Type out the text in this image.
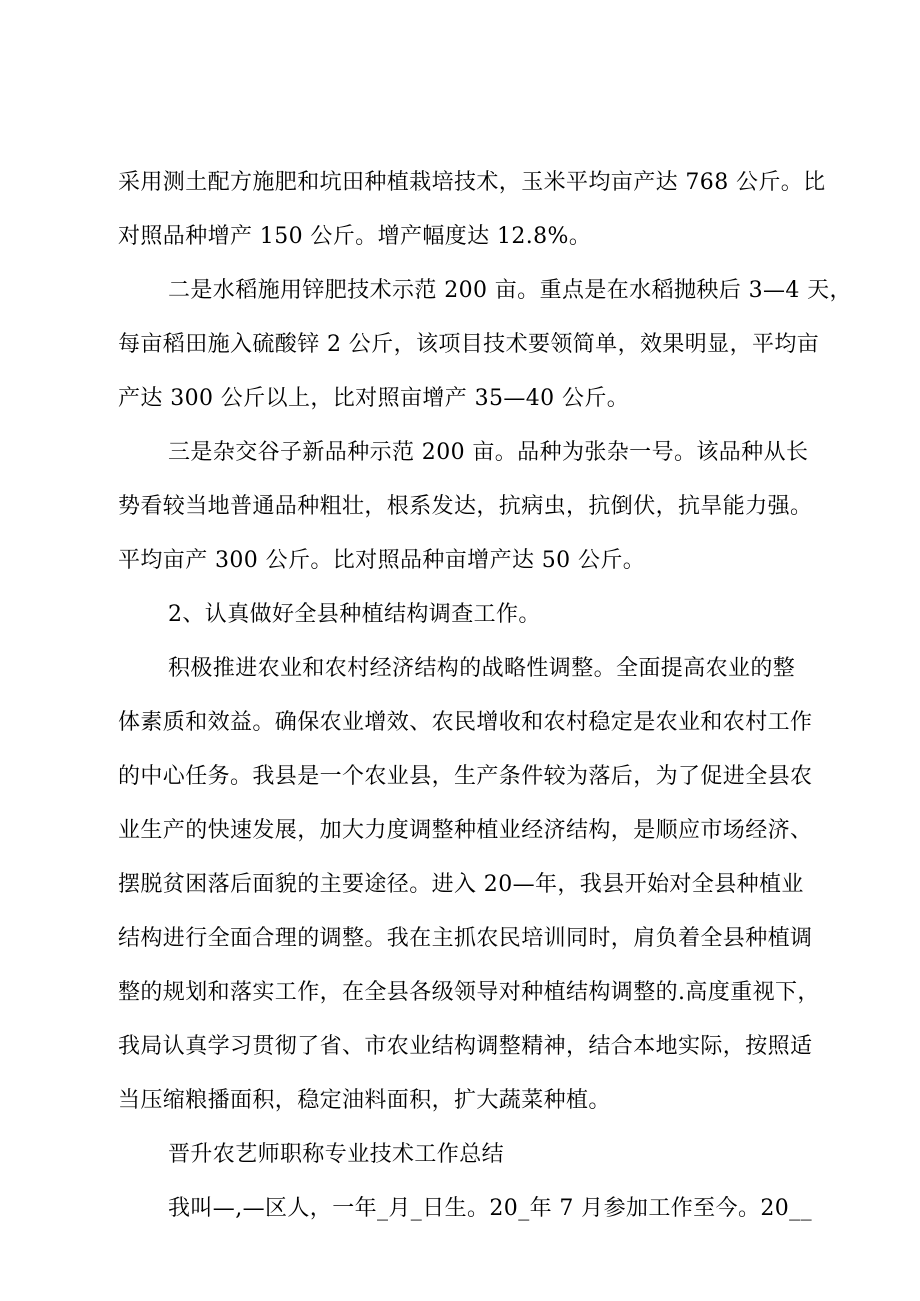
采用测土配方施肥和坑田种植栽培技术，玉米平均亩产达 768 公斤。比
对照品种增产 150 公斤。增产幅度达 12.8%。
二是水稻施用锌肥技术示范 200 亩。重点是在水稻抛秧后 3—4 天，
每亩稻田施入硫酸锌 2 公斤，该项目技术要领简单，效果明显，平均亩
产达 300 公斤以上，比对照亩增产 35—40 公斤。
三是杂交谷子新品种示范 200 亩。品种为张杂一号。该品种从长
势看较当地普通品种粗壮，根系发达，抗病虫，抗倒伏，抗旱能力强。
平均亩产 300 公斤。比对照品种亩增产达 50 公斤。
2、认真做好全县种植结构调查工作。
积极推进农业和农村经济结构的战略性调整。全面提高农业的整
体素质和效益。确保农业增效、农民增收和农村稳定是农业和农村工作
的中心任务。我县是一个农业县，生产条件较为落后，为了促进全县农
业生产的快速发展，加大力度调整种植业经济结构，是顺应市场经济、
摆脱贫困落后面貌的主要途径。进入 20—年，我县开始对全县种植业
结构进行全面合理的调整。我在主抓农民培训同时，肩负着全县种植调
整的规划和落实工作，在全县各级领导对种植结构调整的.高度重视下，
我局认真学习贯彻了省、市农业结构调整精神，结合本地实际，按照适
当压缩粮播面积，稳定油料面积，扩大蔬菜种植。
晋升农艺师职称专业技术工作总结
我叫—,—区人，一年_月_日生。20_年 7 月参加工作至今。20__
